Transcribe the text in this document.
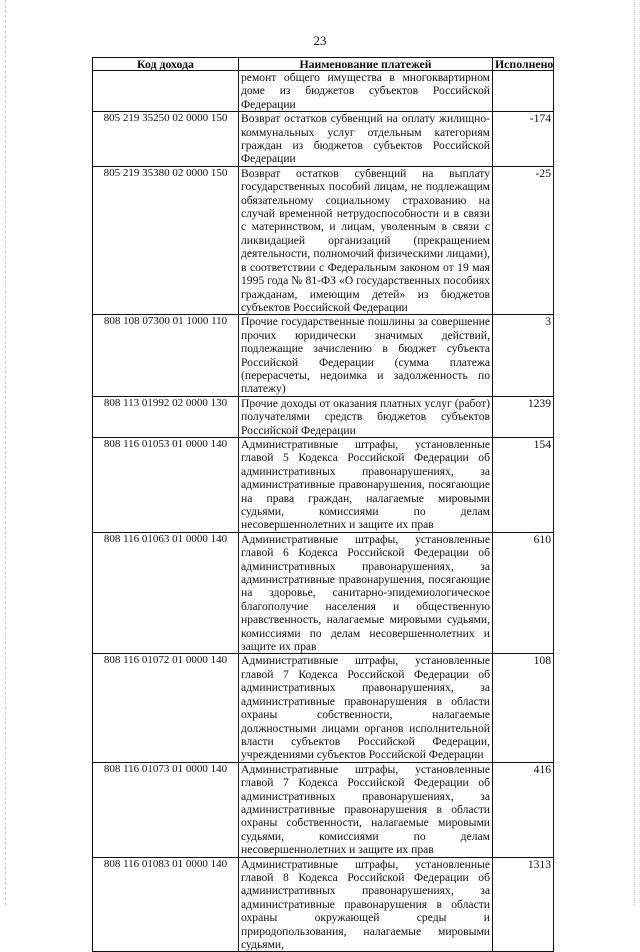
23
Код дохода	Наименование платежей	Исполнено
	ремонт общего имущества в многоквартирном доме из бюджетов субъектов Российской Федерации	
805 219 35250 02 0000 150	Возврат остатков субвенций на оплату жилищно-коммунальных услуг отдельным категориям граждан из бюджетов субъектов Российской Федерации	-174
805 219 35380 02 0000 150	Возврат остатков субвенций на выплату государственных пособий лицам, не подлежащим обязательному социальному страхованию на случай временной нетрудоспособности и в связи с материнством, и лицам, уволенным в связи с ликвидацией организаций (прекращением деятельности, полномочий физическими лицами), в соответствии с Федеральным законом от 19 мая 1995 года № 81-ФЗ «О государственных пособиях гражданам, имеющим детей» из бюджетов субъектов Российской Федерации	-25
808 108 07300 01 1000 110	Прочие государственные пошлины за совершение прочих юридически значимых действий, подлежащие зачислению в бюджет субъекта Российской Федерации (сумма платежа (перерасчеты, недоимка и задолженность по платежу)	3
808 113 01992 02 0000 130	Прочие доходы от оказания платных услуг (работ) получателями средств бюджетов субъектов Российской Федерации	1239
808 116 01053 01 0000 140	Административные штрафы, установленные главой 5 Кодекса Российской Федерации об административных правонарушениях, за административные правонарушения, посягающие на права граждан, налагаемые мировыми судьями, комиссиями по делам несовершеннолетних и защите их прав	154
808 116 01063 01 0000 140	Административные штрафы, установленные главой 6 Кодекса Российской Федерации об административных правонарушениях, за административные правонарушения, посягающие на здоровье, санитарно-эпидемиологическое благополучие населения и общественную нравственность, налагаемые мировыми судьями, комиссиями по делам несовершеннолетних и защите их прав	610
808 116 01072 01 0000 140	Административные штрафы, установленные главой 7 Кодекса Российской Федерации об административных правонарушениях, за административные правонарушения в области охраны собственности, налагаемые должностными лицами органов исполнительной власти субъектов Российской Федерации, учреждениями субъектов Российской Федерации	108
808 116 01073 01 0000 140	Административные штрафы, установленные главой 7 Кодекса Российской Федерации об административных правонарушениях, за административные правонарушения в области охраны собственности, налагаемые мировыми судьями, комиссиями по делам несовершеннолетних и защите их прав	416
808 116 01083 01 0000 140	Административные штрафы, установленные главой 8 Кодекса Российской Федерации об административных правонарушениях, за административные правонарушения в области охраны окружающей среды и природопользования, налагаемые мировыми судьями,	1313
